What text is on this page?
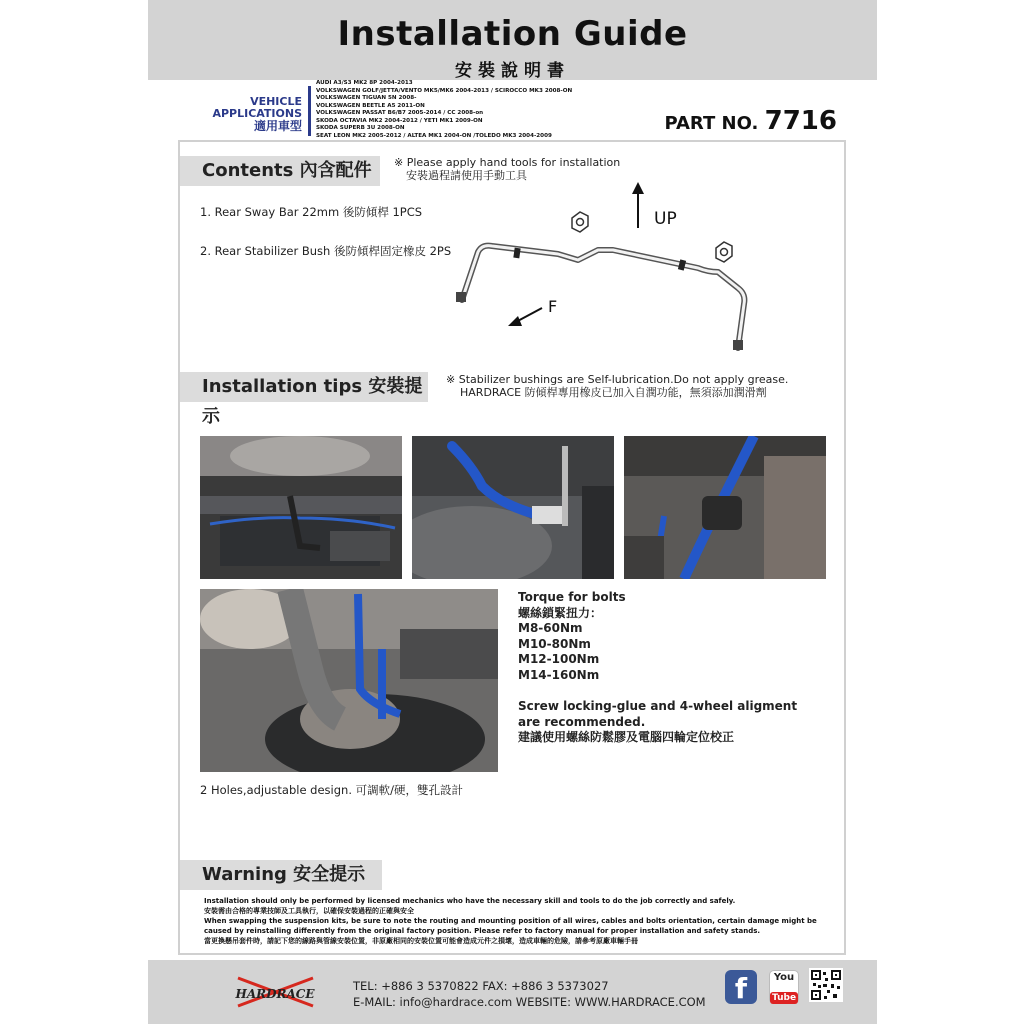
Installation Guide
安裝說明書
VEHICLE APPLICATIONS
適用車型
AUDI A3/S3 MK2 8P 2004-2013
VOLKSWAGEN GOLF/JETTA/VENTO MK5/MK6 2004-2013 / SCIROCCO MK3 2008-ON
VOLKSWAGEN TIGUAN 5N 2008-
VOLKSWAGEN BEETLE A5 2011-ON
VOLKSWAGEN PASSAT B6/B7 2005-2014 / CC 2008-on
SKODA OCTAVIA MK2 2004-2012 / YETI MK1 2009-ON
SKODA SUPERB 3U 2008-ON
SEAT LEON MK2 2005-2012 / ALTEA MK1 2004-ON /TOLEDO MK3 2004-2009
PART NO. 7716
Contents 內含配件	※ Please apply hand tools for installation
安裝過程請使用手動工具
1. Rear Sway Bar 22mm 後防傾桿 1PCS
2. Rear Stabilizer Bush 後防傾桿固定橡皮 2PS
UP
F
Installation tips 安裝提示
※ Stabilizer bushings are Self-lubrication.Do not apply grease.
HARDRACE 防傾桿專用橡皮已加入自潤功能，無須添加潤滑劑
Torque for bolts
螺絲鎖緊扭力：
M8-60Nm
M10-80Nm
M12-100Nm
M14-160Nm
Screw locking-glue and 4-wheel aligment are recommended.
建議使用螺絲防鬆膠及電腦四輪定位校正
2 Holes,adjustable design. 可調軟/硬，雙孔設計
Warning 安全提示
Installation should only be performed by licensed mechanics who have the necessary skill and tools to do the job correctly and safely.
安裝需由合格的專業技師及工具執行，以確保安裝過程的正確與安全
When swapping the suspension kits, be sure to note the routing and mounting position of all wires, cables and bolts orientation, certain damage might be
caused by reinstalling differently from the original factory position. Please refer to factory manual for proper installation and safety stands.
當更換懸吊套件時，請記下您的線路與管線安裝位置，非原廠相同的安裝位置可能會造成元件之損壞，造成車輛的危險，請參考原廠車輛手冊
HARDRACE
TEL: +886 3 5370822 FAX: +886 3 5373027
E-MAIL: info@hardrace.com WEBSITE: WWW.HARDRACE.COM	f	You
Tube
